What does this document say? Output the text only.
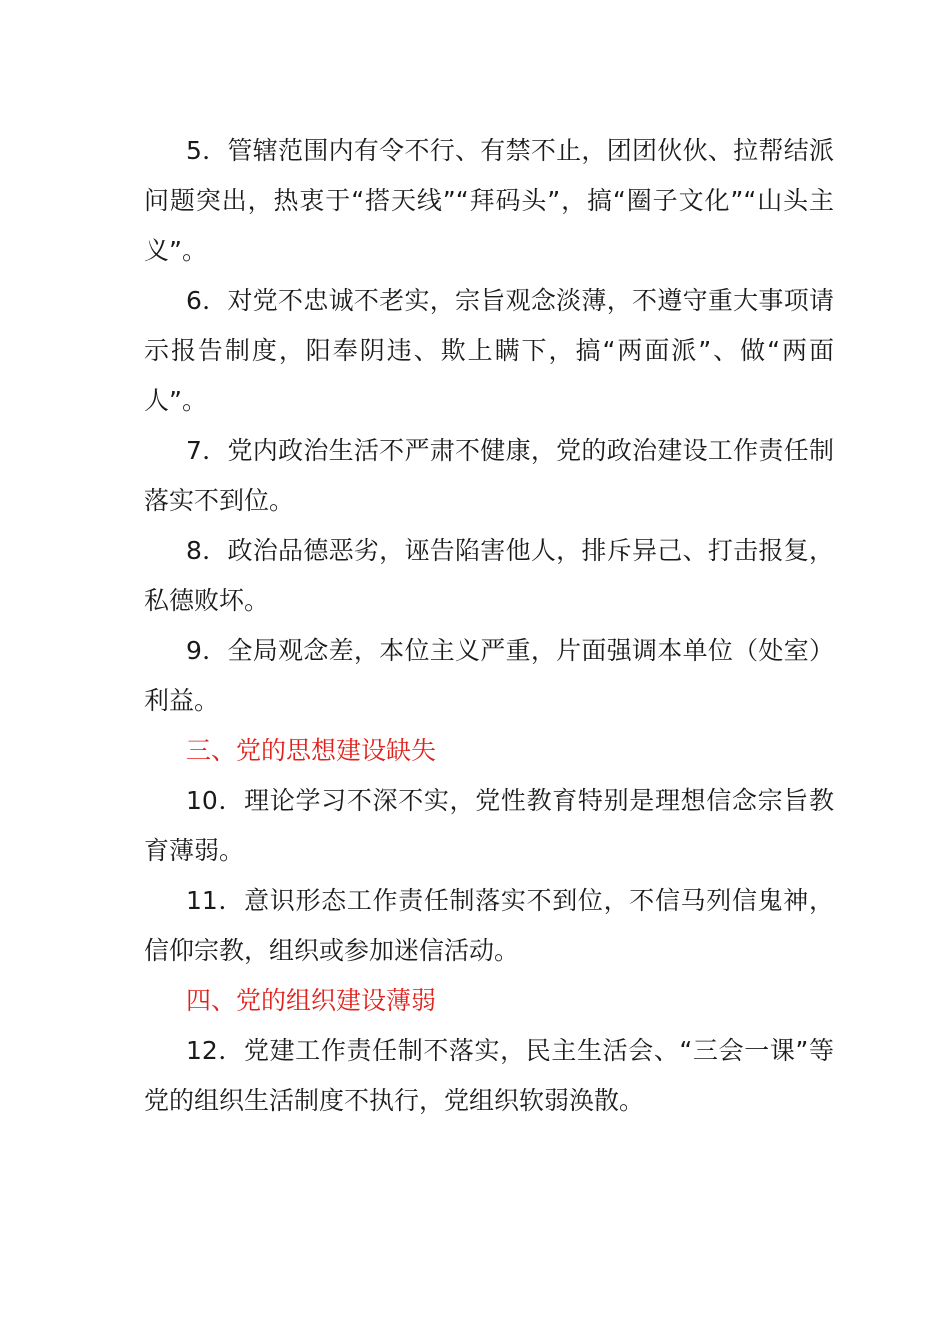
5．管辖范围内有令不行、有禁不止，团团伙伙、拉帮结派问题突出，热衷于“搭天线”“拜码头”，搞“圈子文化”“山头主义”。

6．对党不忠诚不老实，宗旨观念淡薄，不遵守重大事项请示报告制度，阳奉阴违、欺上瞒下，搞“两面派”、做“两面人”。

7．党内政治生活不严肃不健康，党的政治建设工作责任制落实不到位。

8．政治品德恶劣，诬告陷害他人，排斥异己、打击报复，私德败坏。

9．全局观念差，本位主义严重，片面强调本单位（处室）利益。

三、党的思想建设缺失

10．理论学习不深不实，党性教育特别是理想信念宗旨教育薄弱。

11．意识形态工作责任制落实不到位，不信马列信鬼神，信仰宗教，组织或参加迷信活动。

四、党的组织建设薄弱

12．党建工作责任制不落实，民主生活会、“三会一课”等党的组织生活制度不执行，党组织软弱涣散。
